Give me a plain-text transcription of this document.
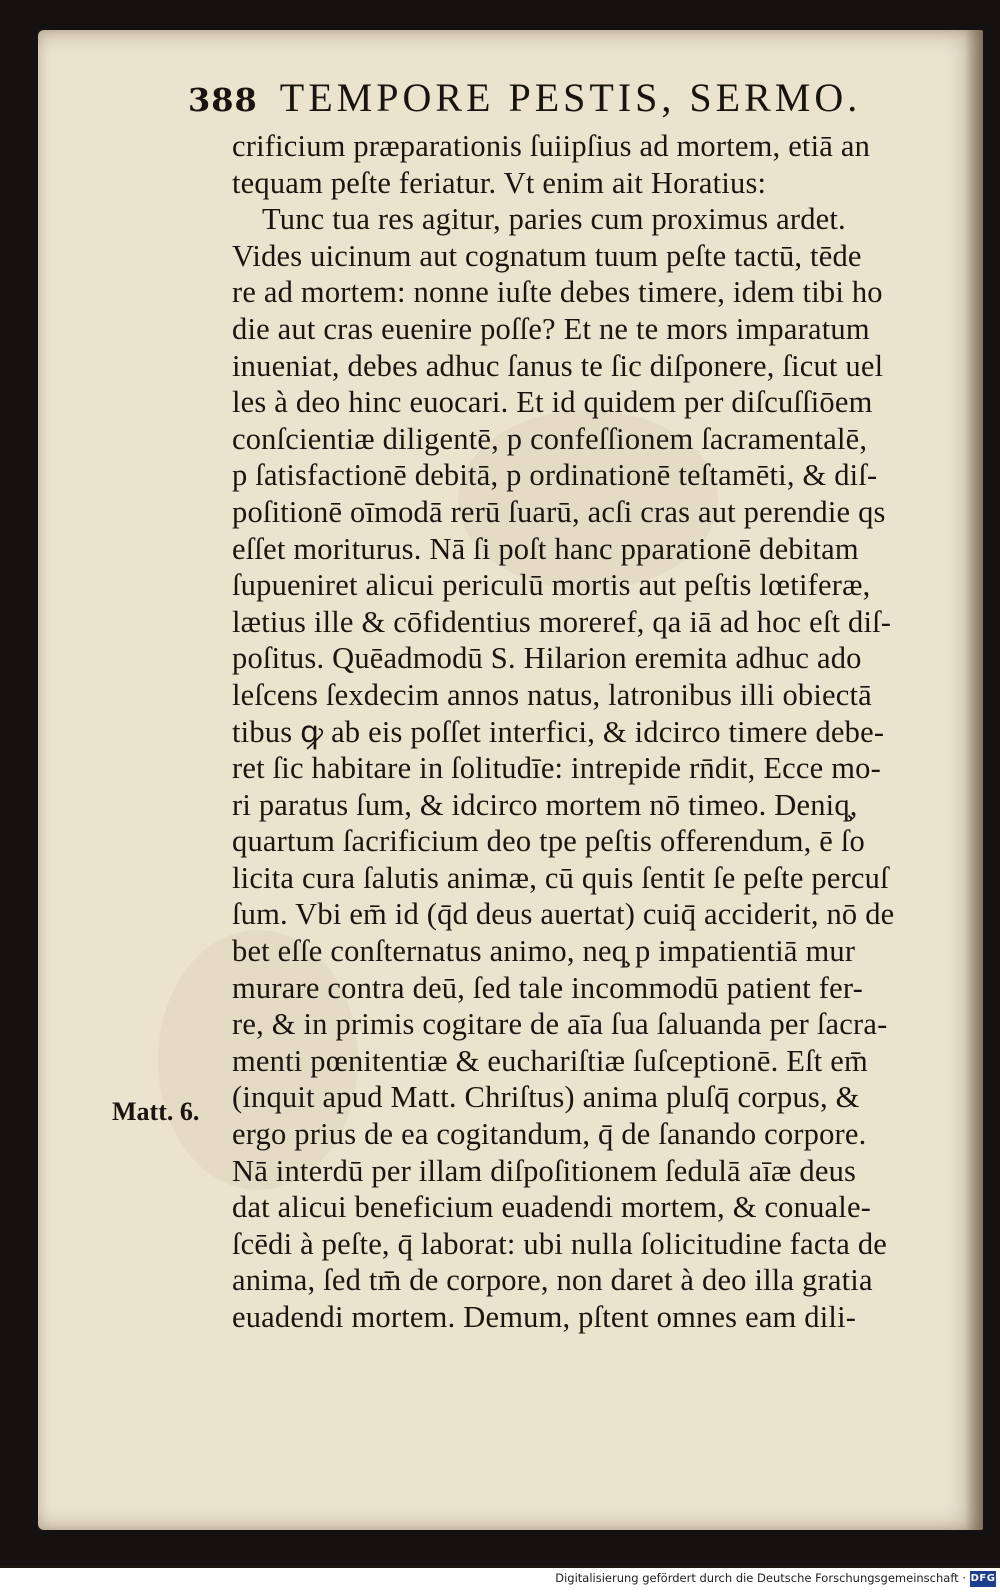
388 TEMPORE PESTIS, SERMO.
crificium præparationis ſuiipſius ad mortem, etiā an
tequam peſte feriatur. Vt enim ait Horatius:
Tunc tua res agitur, paries cum proximus ardet.
Vides uicinum aut cognatum tuum peſte tactū, tēde
re ad mortem: nonne iuſte debes timere, idem tibi ho
die aut cras euenire poſſe? Et ne te mors imparatum
inueniat, debes adhuc ſanus te ſic diſponere, ſicut uel
les à deo hinc euocari. Et id quidem per diſcuſſiōem
conſcientiæ diligentē, p confeſſionem ſacramentalē,
p ſatisfactionē debitā, p ordinationē teſtamēti, & diſ-
poſitionē oīmodā rerū ſuarū, acſi cras aut perendie qs
eſſet moriturus. Nā ſi poſt hanc pparationē debitam
ſupueniret alicui periculū mortis aut peſtis lœtiferæ,
lætius ille & cōfidentius moreref, qa iā ad hoc eſt diſ-
poſitus. Quēadmodū S. Hilarion eremita adhuc ado
leſcens ſexdecim annos natus, latronibus illi obiectā
tibus ꝙ ab eis poſſet interfici, & idcirco timere debe-
ret ſic habitare in ſolitudīe: intrepide rn̄dit, Ecce mo-
ri paratus ſum, & idcirco mortem nō timeo. Deniq̧,
quartum ſacrificium deo tpe peſtis offerendum, ē ſo
licita cura ſalutis animæ, cū quis ſentit ſe peſte percuſ
ſum. Vbi em̄ id (q̄d deus auertat) cuiq̄ acciderit, nō de
bet eſſe conſternatus animo, neq̧ p impatientiā mur
murare contra deū, ſed tale incommodū patient fer-
re, & in primis cogitare de aīa ſua ſaluanda per ſacra-
menti pœnitentiæ & euchariſtiæ ſuſceptionē. Eſt em̄
(inquit apud Matt. Chriſtus) anima pluſq̄ corpus, &
ergo prius de ea cogitandum, q̄ de ſanando corpore.
Nā interdū per illam diſpoſitionem ſedulā aīæ deus
dat alicui beneficium euadendi mortem, & conuale-
ſcēdi à peſte, q̄ laborat: ubi nulla ſolicitudine facta de
anima, ſed tm̄ de corpore, non daret à deo illa gratia
euadendi mortem. Demum, pſtent omnes eam dili-
Matt. 6.
Digitalisierung gefördert durch die Deutsche Forschungsgemeinschaft · DFG
